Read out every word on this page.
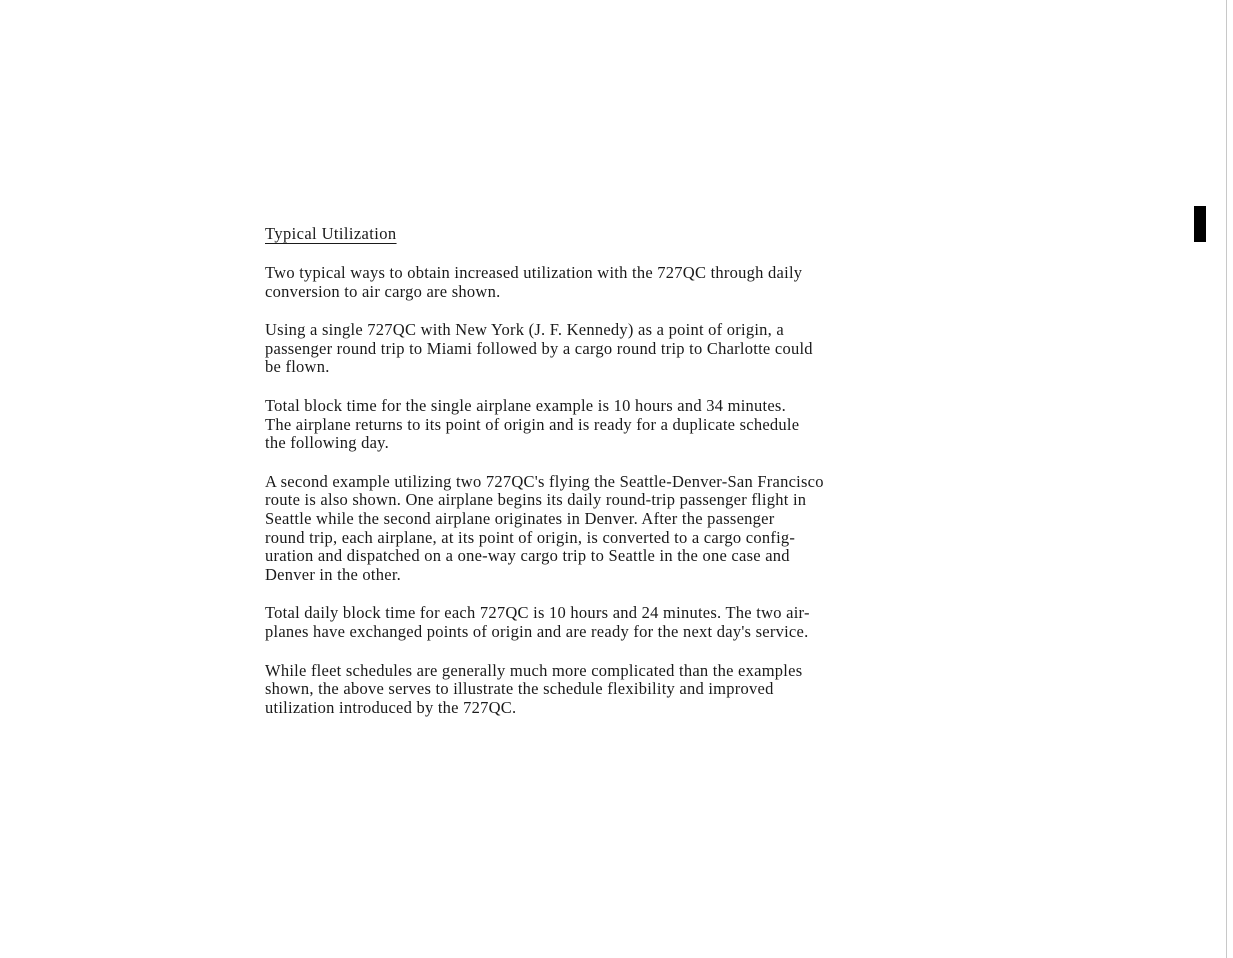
Typical Utilization

Two typical ways to obtain increased utilization with the 727QC through daily
conversion to air cargo are shown.

Using a single 727QC with New York (J. F. Kennedy) as a point of origin, a
passenger round trip to Miami followed by a cargo round trip to Charlotte could
be flown.

Total block time for the single airplane example is 10 hours and 34 minutes.
The airplane returns to its point of origin and is ready for a duplicate schedule
the following day.

A second example utilizing two 727QC's flying the Seattle-Denver-San Francisco
route is also shown. One airplane begins its daily round-trip passenger flight in
Seattle while the second airplane originates in Denver. After the passenger
round trip, each airplane, at its point of origin, is converted to a cargo config-
uration and dispatched on a one-way cargo trip to Seattle in the one case and
Denver in the other.

Total daily block time for each 727QC is 10 hours and 24 minutes. The two air-
planes have exchanged points of origin and are ready for the next day's service.

While fleet schedules are generally much more complicated than the examples
shown, the above serves to illustrate the schedule flexibility and improved
utilization introduced by the 727QC.
